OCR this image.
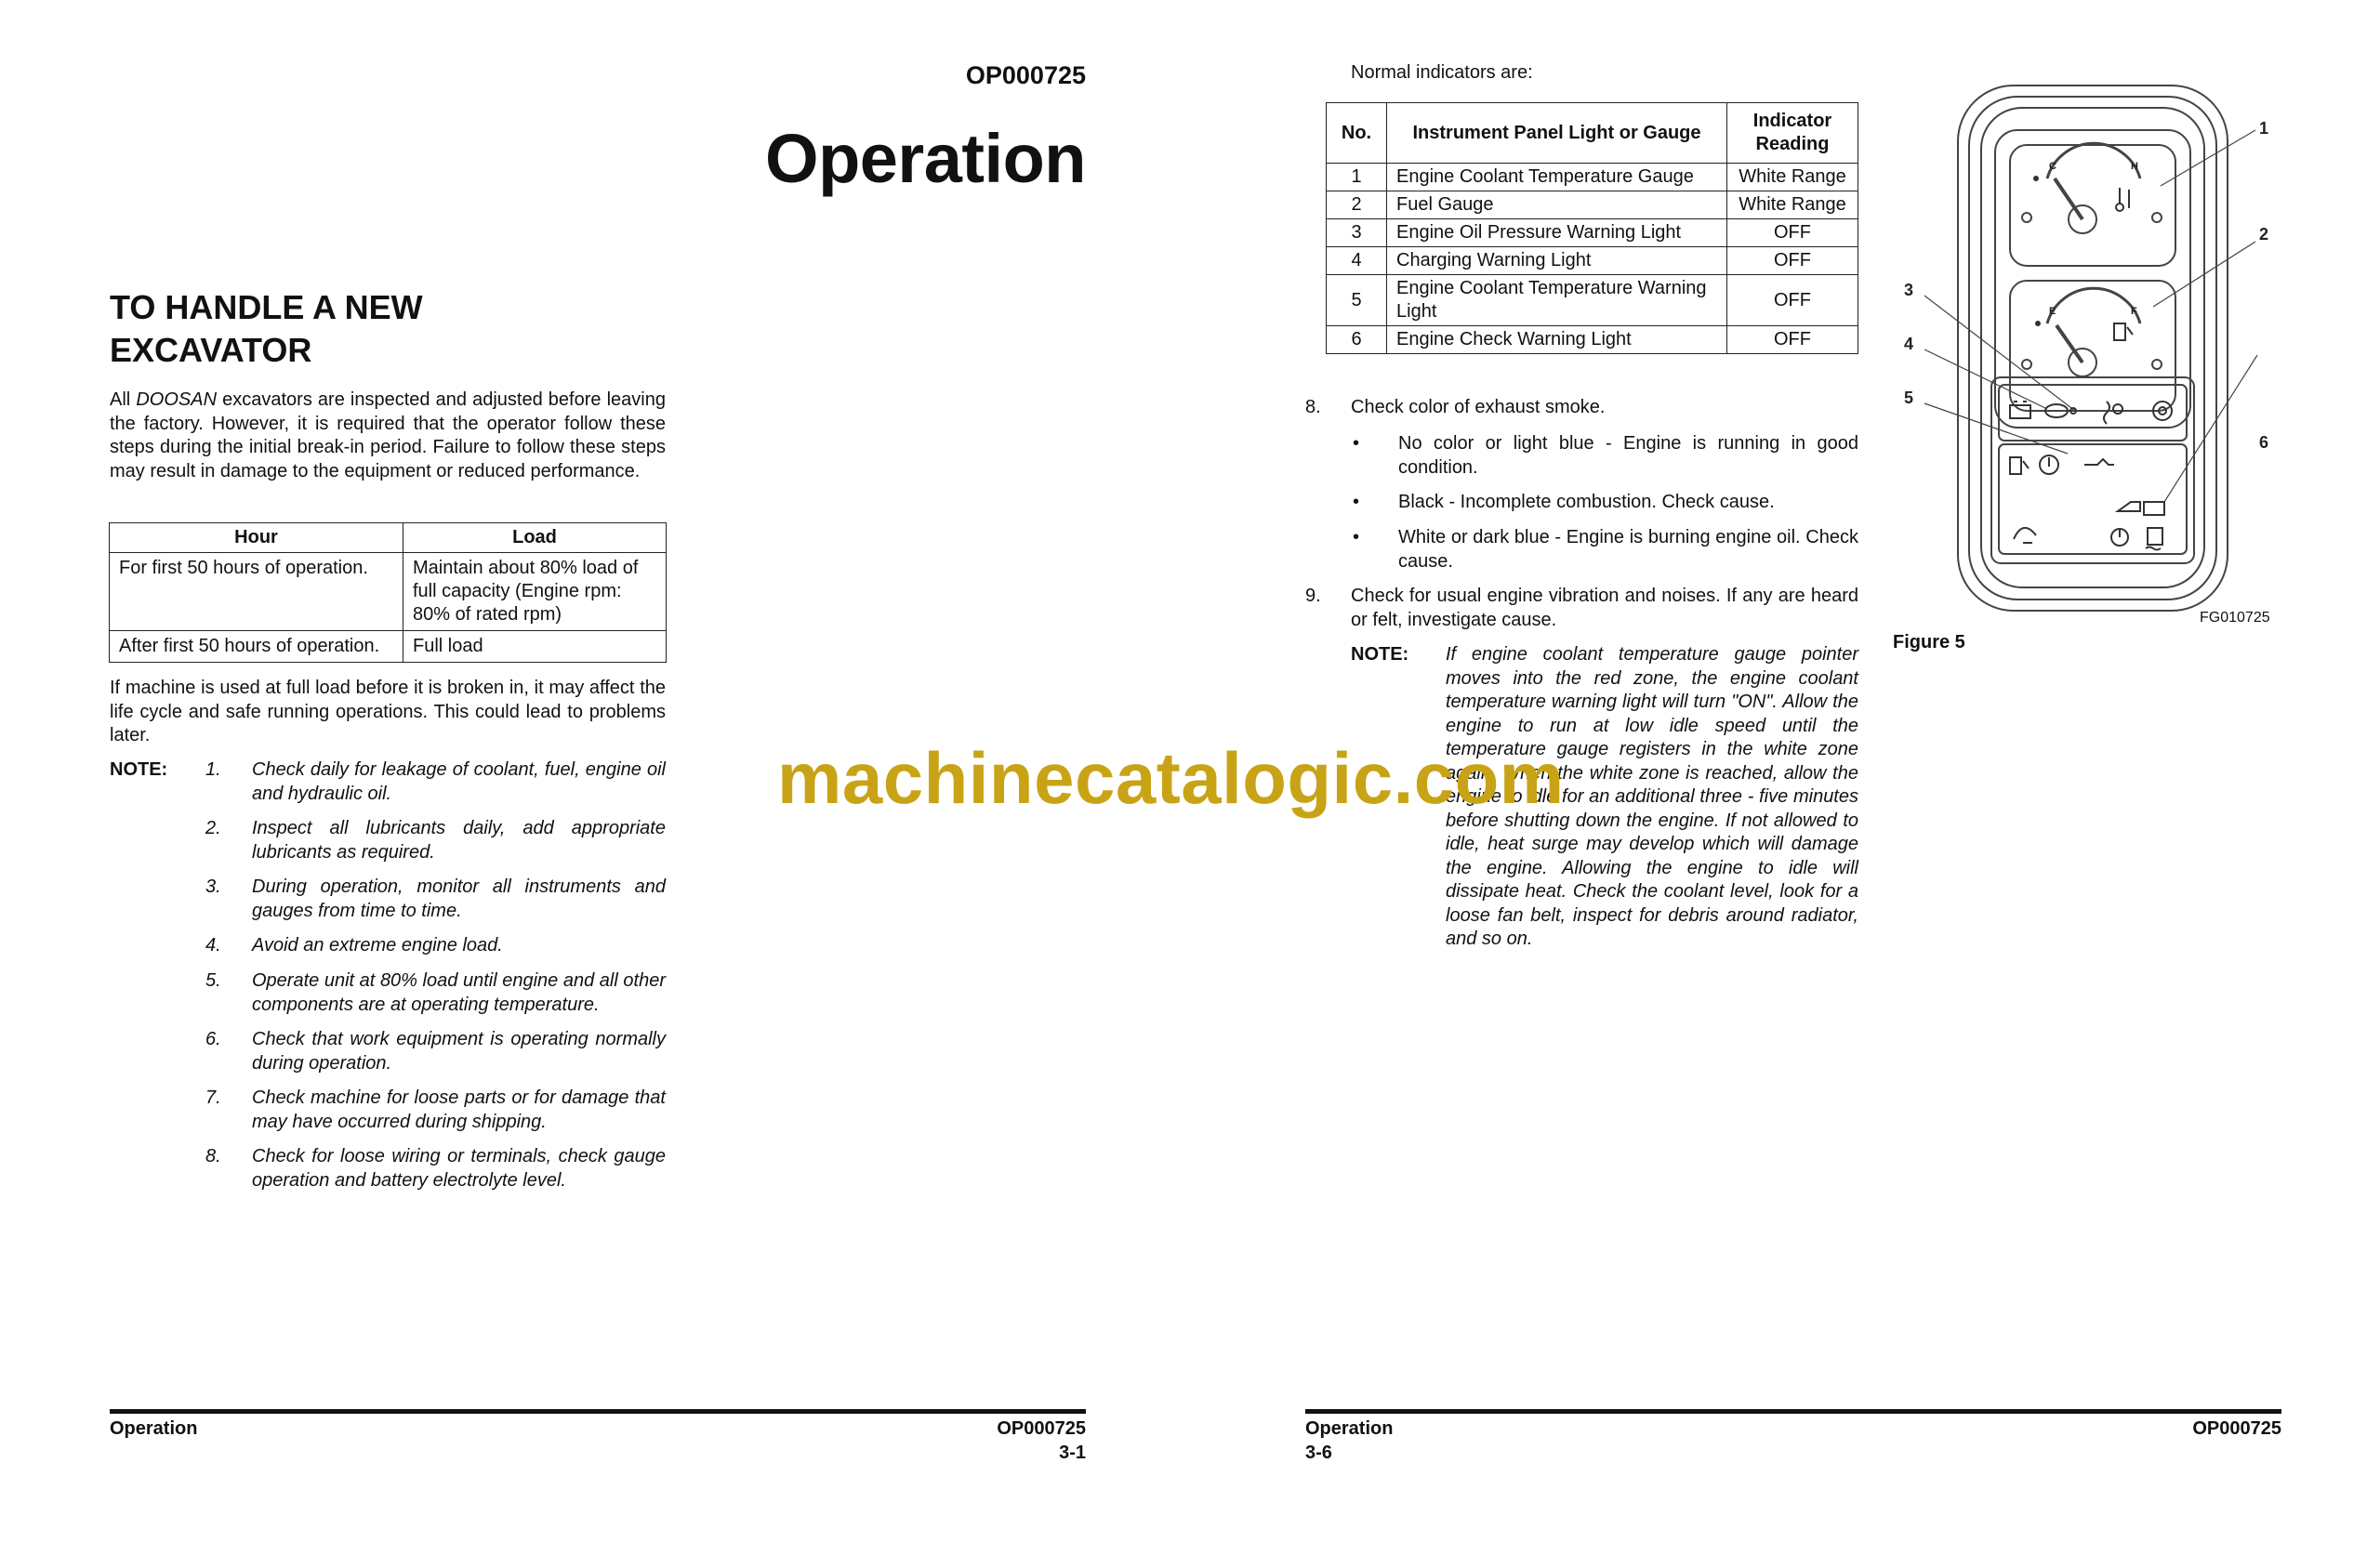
OP000725
Operation
TO HANDLE A NEW
EXCAVATOR

All DOOSAN excavators are inspected and adjusted before leaving the factory. However, it is required that the operator follow these steps during the initial break-in period. Failure to follow these steps may result in damage to the equipment or reduced performance.

Hour	Load
For first 50 hours of operation.	Maintain about 80% load of full capacity (Engine rpm: 80% of rated rpm)
After first 50 hours of operation.	Full load

If machine is used at full load before it is broken in, it may affect the life cycle and safe running operations. This could lead to problems later.

NOTE: 1. Check daily for leakage of coolant, fuel, engine oil and hydraulic oil.

2. Inspect all lubricants daily, add appropriate lubricants as required.

3. During operation, monitor all instruments and gauges from time to time.

4. Avoid an extreme engine load.

5. Operate unit at 80% load until engine and all other components are at operating temperature.

6. Check that work equipment is operating normally during operation.

7. Check machine for loose parts or for damage that may have occurred during shipping.

8. Check for loose wiring or terminals, check gauge operation and battery electrolyte level.

Operation	OP000725
3-1
Normal indicators are:
No.	Instrument Panel Light or Gauge	Indicator Reading
1	Engine Coolant Temperature Gauge	White Range
2	Fuel Gauge	White Range
3	Engine Oil Pressure Warning Light	OFF
4	Charging Warning Light	OFF
5	Engine Coolant Temperature Warning Light	OFF
6	Engine Check Warning Light	OFF
8. Check color of exhaust smoke.
• No color or light blue - Engine is running in good condition.

• Black - Incomplete combustion. Check cause.

• White or dark blue - Engine is burning engine oil. Check cause.

9. Check for usual engine vibration and noises. If any are heard or felt, investigate cause.

NOTE: If engine coolant temperature gauge pointer moves into the red zone, the engine coolant temperature warning light will turn "ON". Allow the engine to run at low idle speed until the temperature gauge registers in the white zone again. When the white zone is reached, allow the engine to idle for an additional three - five minutes before shutting down the engine. If not allowed to idle, heat surge may develop which will damage the engine. Allowing the engine to idle will dissipate heat. Check the coolant level, look for a loose fan belt, inspect for debris around radiator, and so on.

C	H
E	F
1
2
3
4
5
6
FG010725
Figure 5
Operation
3-6
OP000725
machinecatalogic.com
